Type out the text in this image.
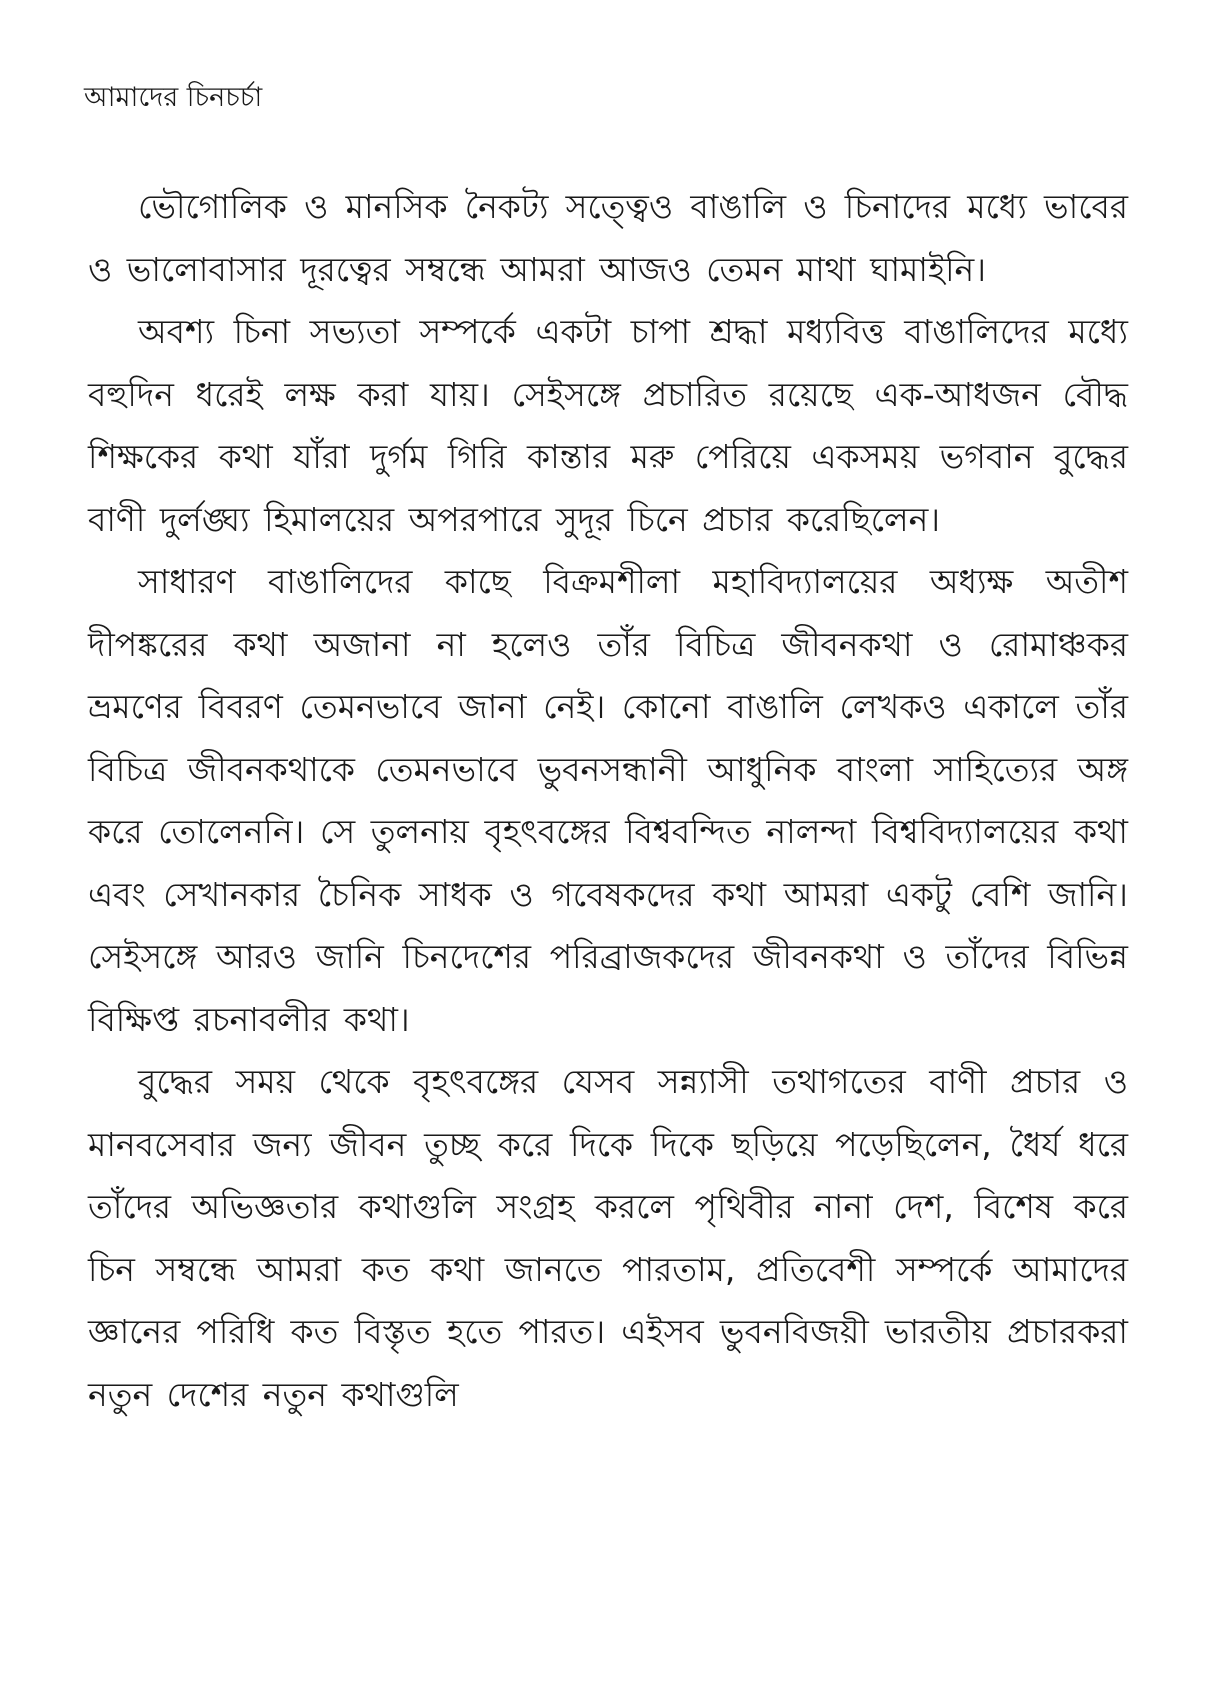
আমাদের চিনচর্চা

ভৌগোলিক ও মানসিক নৈকট্য সত্ত্বেও বাঙালি ও চিনাদের মধ্যে ভাবের ও ভালোবাসার দূরত্বের সম্বন্ধে আমরা আজও তেমন মাথা ঘামাইনি।

অবশ্য চিনা সভ্যতা সম্পর্কে একটা চাপা শ্রদ্ধা মধ্যবিত্ত বাঙালিদের মধ্যে বহুদিন ধরেই লক্ষ করা যায়। সেইসঙ্গে প্রচারিত রয়েছে এক-আধজন বৌদ্ধ শিক্ষকের কথা যাঁরা দুর্গম গিরি কান্তার মরু পেরিয়ে একসময় ভগবান বুদ্ধের বাণী দুর্লঙ্ঘ্য হিমালয়ের অপরপারে সুদূর চিনে প্রচার করেছিলেন।

সাধারণ বাঙালিদের কাছে বিক্রমশীলা মহাবিদ্যালয়ের অধ্যক্ষ অতীশ দীপঙ্করের কথা অজানা না হলেও তাঁর বিচিত্র জীবনকথা ও রোমাঞ্চকর ভ্রমণের বিবরণ তেমনভাবে জানা নেই। কোনো বাঙালি লেখকও একালে তাঁর বিচিত্র জীবনকথাকে তেমনভাবে ভুবনসন্ধানী আধুনিক বাংলা সাহিত্যের অঙ্গ করে তোলেননি। সে তুলনায় বৃহৎবঙ্গের বিশ্ববন্দিত নালন্দা বিশ্ববিদ্যালয়ের কথা এবং সেখানকার চৈনিক সাধক ও গবেষকদের কথা আমরা একটু বেশি জানি। সেইসঙ্গে আরও জানি চিনদেশের পরিব্রাজকদের জীবনকথা ও তাঁদের বিভিন্ন বিক্ষিপ্ত রচনাবলীর কথা।

বুদ্ধের সময় থেকে বৃহৎবঙ্গের যেসব সন্ন্যাসী তথাগতের বাণী প্রচার ও মানবসেবার জন্য জীবন তুচ্ছ করে দিকে দিকে ছড়িয়ে পড়েছিলেন, ধৈর্য ধরে তাঁদের অভিজ্ঞতার কথাগুলি সংগ্রহ করলে পৃথিবীর নানা দেশ, বিশেষ করে চিন সম্বন্ধে আমরা কত কথা জানতে পারতাম, প্রতিবেশী সম্পর্কে আমাদের জ্ঞানের পরিধি কত বিস্তৃত হতে পারত। এইসব ভুবনবিজয়ী ভারতীয় প্রচারকরা নতুন দেশের নতুন কথাগুলি
